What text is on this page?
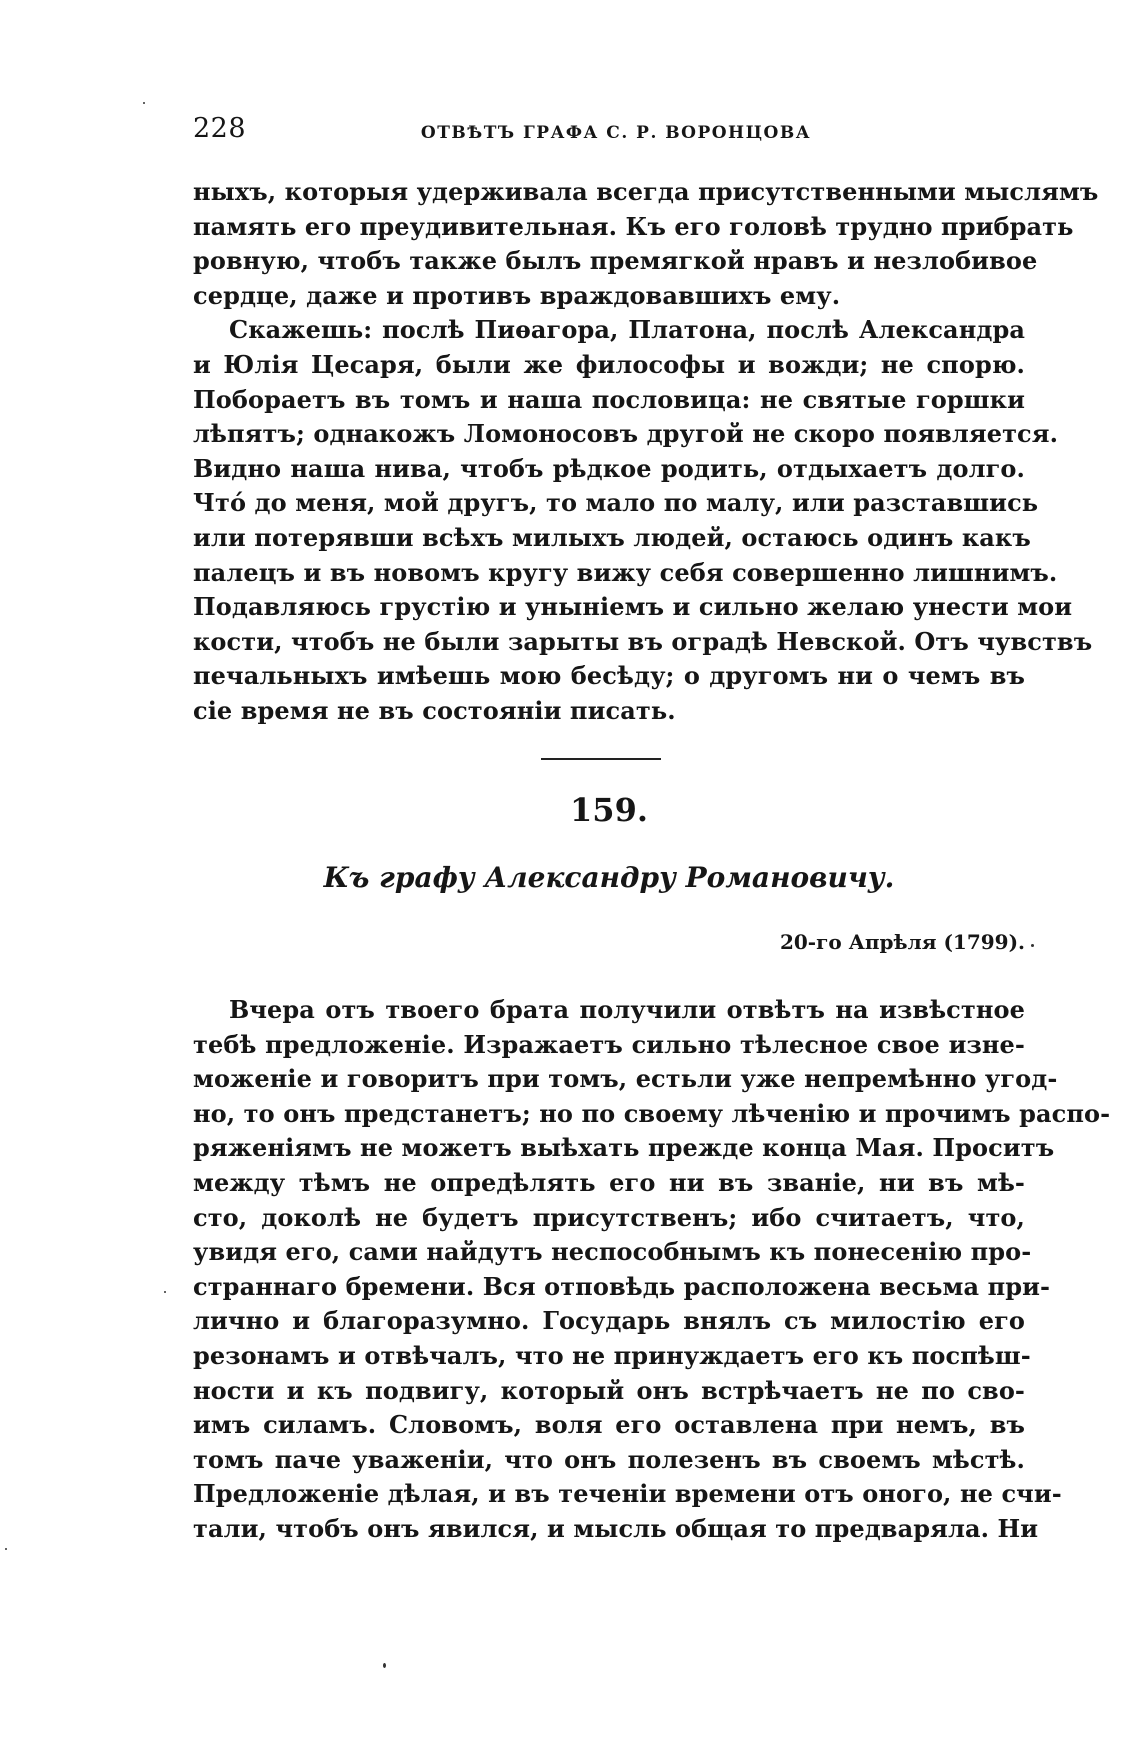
228	ОТВѢТЪ ГРАФА С. Р. ВОРОНЦОВА
ныхъ, которыя удерживала всегда присутственными мыслямъ
память его преудивительная. Къ его головѣ трудно прибрать
ровную, чтобъ также былъ премягкой нравъ и незлобивое
сердце, даже и противъ враждовавшихъ ему.
Скажешь: послѣ Пиѳагора, Платона, послѣ Александра
и Юлія Цесаря, были же философы и вожди; не спорю.
Побораетъ въ томъ и наша пословица: не святые горшки
лѣпятъ; однакожъ Ломоносовъ другой не скоро появляется.
Видно наша нива, чтобъ рѣдкое родить, отдыхаетъ долго.
Чтó до меня, мой другъ, то мало по малу, или разставшись
или потерявши всѣхъ милыхъ людей, остаюсь одинъ какъ
палецъ и въ новомъ кругу вижу себя совершенно лишнимъ.
Подавляюсь грустію и уныніемъ и сильно желаю унести мои
кости, чтобъ не были зарыты въ оградѣ Невской. Отъ чувствъ
печальныхъ имѣешь мою бесѣду; о другомъ ни о чемъ въ
сіе время не въ состояніи писать.
159.
Къ графу Александру Романовичу.
20-го Апрѣля (1799).
Вчера отъ твоего брата получили отвѣтъ на извѣстное
тебѣ предложеніе. Изражаетъ сильно тѣлесное свое изне-
моженіе и говоритъ при томъ, естьли уже непремѣнно угод-
но, то онъ предстанетъ; но по своему лѣченію и прочимъ распо-
ряженіямъ не можетъ выѣхать прежде конца Мая. Проситъ
между тѣмъ не опредѣлять его ни въ званіе, ни въ мѣ-
сто, доколѣ не будетъ присутственъ; ибо считаетъ, что,
увидя его, сами найдутъ неспособнымъ къ понесенію про-
страннаго бремени. Вся отповѣдь расположена весьма при-
лично и благоразумно. Государь внялъ съ милостію его
резонамъ и отвѣчалъ, что не принуждаетъ его къ поспѣш-
ности и къ подвигу, который онъ встрѣчаетъ не по сво-
имъ силамъ. Словомъ, воля его оставлена при немъ, въ
томъ паче уваженіи, что онъ полезенъ въ своемъ мѣстѣ.
Предложеніе дѣлая, и въ теченіи времени отъ оного, не счи-
тали, чтобъ онъ явился, и мысль общая то предваряла. Ни
